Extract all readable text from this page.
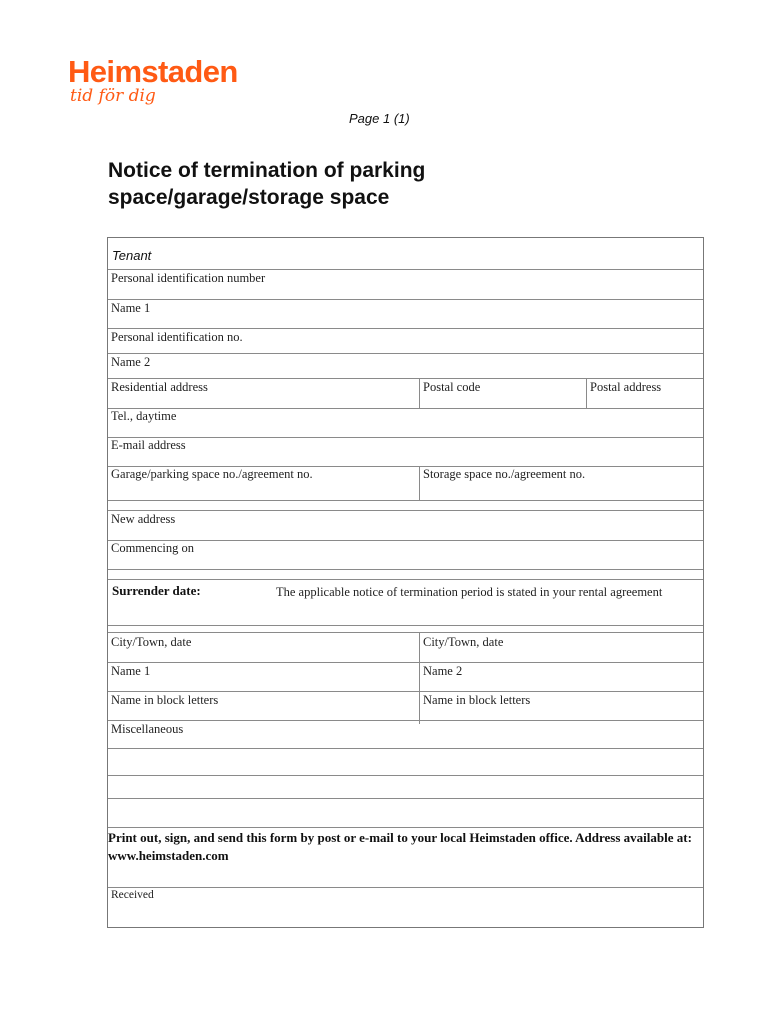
Heimstaden
tid för dig
Page 1 (1)
Notice of termination of parking space/garage/storage space
Tenant
Personal identification number
Name 1
Personal identification no.
Name 2
Residential address	Postal code	Postal address
Tel., daytime
E-mail address
Garage/parking space no./agreement no.	Storage space no./agreement no.
New address
Commencing on
Surrender date:	The applicable notice of termination period is stated in your rental agreement
City/Town, date	City/Town, date
Name 1	Name 2
Name in block letters	Name in block letters
Miscellaneous
Print out, sign, and send this form by post or e-mail to your local Heimstaden office. Address available at: www.heimstaden.com
Received
